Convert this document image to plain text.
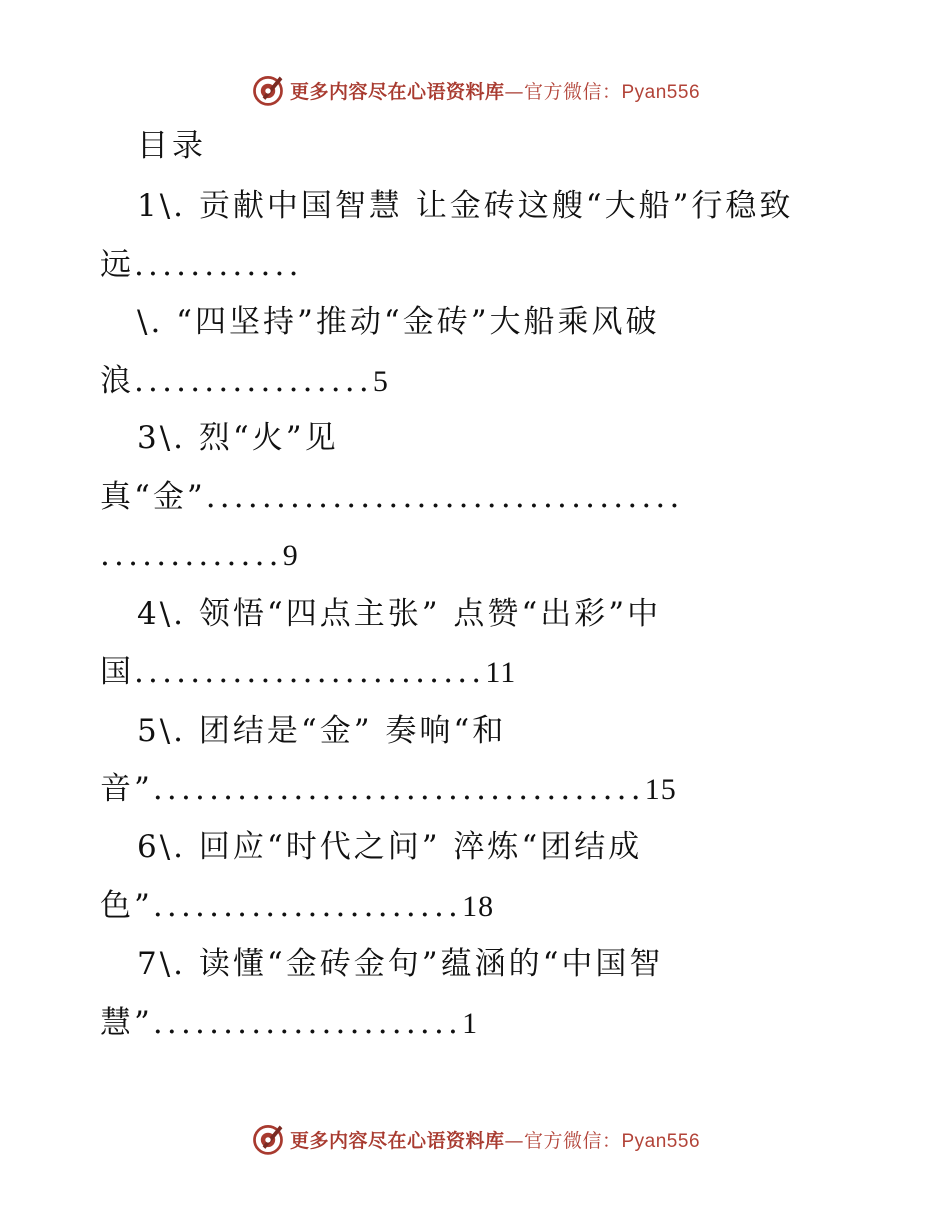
更多内容尽在心语资料库—官方微信：Pyan556
目录
1\. 贡献中国智慧 让金砖这艘“大船”行稳致
远............
\. “四坚持”推动“金砖”大船乘风破
浪.................5
3\. 烈“火”见
真“金”..................................
.............9
4\. 领悟“四点主张” 点赞“出彩”中
国.........................11
5\. 团结是“金” 奏响“和
音”...................................15
6\. 回应“时代之问” 淬炼“团结成
色”......................18
7\. 读懂“金砖金句”蕴涵的“中国智
慧”......................1
更多内容尽在心语资料库—官方微信：Pyan556
